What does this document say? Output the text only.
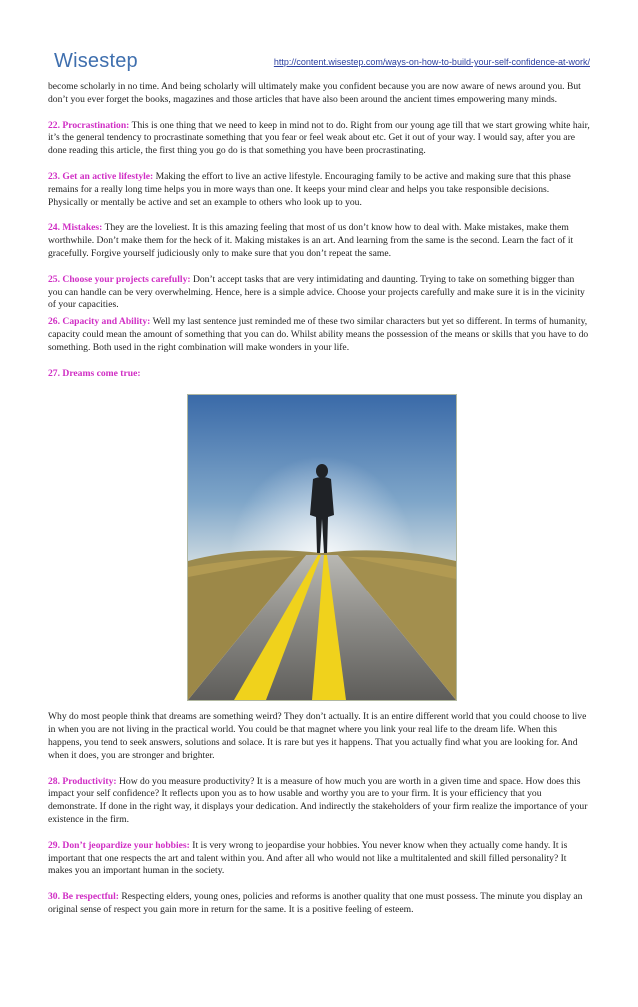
Wisestep	http://content.wisestep.com/ways-on-how-to-build-your-self-confidence-at-work/

become scholarly in no time. And being scholarly will ultimately make you confident because you are now aware of news around you. But don’t you ever forget the books, magazines and those articles that have also been around the ancient times empowering many minds.

22. Procrastination: This is one thing that we need to keep in mind not to do. Right from our young age till that we start growing white hair, it’s the general tendency to procrastinate something that you fear or feel weak about etc. Get it out of your way. I would say, after you are done reading this article, the first thing you go do is that something you have been procrastinating.

23. Get an active lifestyle: Making the effort to live an active lifestyle. Encouraging family to be active and making sure that this phase remains for a really long time helps you in more ways than one. It keeps your mind clear and helps you take responsible decisions. Physically or mentally be active and set an example to others who look up to you.

24. Mistakes: They are the loveliest. It is this amazing feeling that most of us don’t know how to deal with. Make mistakes, make them worthwhile. Don’t make them for the heck of it. Making mistakes is an art. And learning from the same is the second. Learn the fact of it gracefully. Forgive yourself judiciously only to make sure that you don’t repeat the same.

25. Choose your projects carefully: Don’t accept tasks that are very intimidating and daunting. Trying to take on something bigger than you can handle can be very overwhelming. Hence, here is a simple advice. Choose your projects carefully and make sure it is in the vicinity of your capacities.

26. Capacity and Ability: Well my last sentence just reminded me of these two similar characters but yet so different. In terms of humanity, capacity could mean the amount of something that you can do. Whilst ability means the possession of the means or skills that you have to do something. Both used in the right combination will make wonders in your life.

27. Dreams come true:

Why do most people think that dreams are something weird? They don’t actually. It is an entire different world that you could choose to live in when you are not living in the practical world. You could be that magnet where you link your real life to the dream life. When this happens, you tend to seek answers, solutions and solace. It is rare but yes it happens. That you actually find what you are looking for. And when it does, you are stronger and brighter.

28. Productivity: How do you measure productivity? It is a measure of how much you are worth in a given time and space. How does this impact your self confidence? It reflects upon you as to how usable and worthy you are to your firm. It is your efficiency that you demonstrate. If done in the right way, it displays your dedication. And indirectly the stakeholders of your firm realize the importance of your existence in the firm.

29. Don’t jeopardize your hobbies: It is very wrong to jeopardise your hobbies. You never know when they actually come handy. It is important that one respects the art and talent within you. And after all who would not like a multitalented and skill filled personality? It makes you an important human in the society.

30. Be respectful: Respecting elders, young ones, policies and reforms is another quality that one must possess. The minute you display an original sense of respect you gain more in return for the same. It is a positive feeling of esteem.
